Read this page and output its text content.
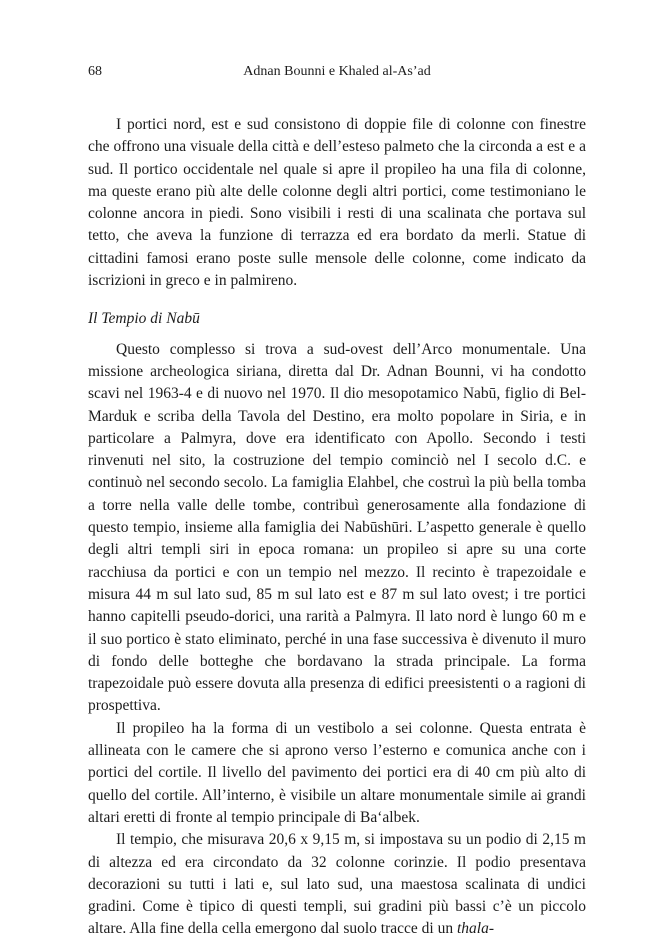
68	Adnan Bounni e Khaled al-As’ad

I portici nord, est e sud consistono di doppie file di colonne con finestre che offrono una visuale della città e dell’esteso palmeto che la circonda a est e a sud. Il portico occidentale nel quale si apre il propileo ha una fila di colonne, ma queste erano più alte delle colonne degli altri portici, come testimoniano le colonne ancora in piedi. Sono visibili i resti di una scalinata che portava sul tetto, che aveva la funzione di terrazza ed era bordato da merli. Statue di cittadini famosi erano poste sulle mensole delle colonne, come indicato da iscrizioni in greco e in palmireno.

Il Tempio di Nabū

Questo complesso si trova a sud-ovest dell’Arco monumentale. Una missione archeologica siriana, diretta dal Dr. Adnan Bounni, vi ha condotto scavi nel 1963-4 e di nuovo nel 1970. Il dio mesopotamico Nabū, figlio di Bel-Marduk e scriba della Tavola del Destino, era molto popolare in Siria, e in particolare a Palmyra, dove era identificato con Apollo. Secondo i testi rinvenuti nel sito, la costruzione del tempio cominciò nel I secolo d.C. e continuò nel secondo secolo. La famiglia Elahbel, che costruì la più bella tomba a torre nella valle delle tombe, contribuì generosamente alla fondazione di questo tempio, insieme alla famiglia dei Nabūshūri. L’aspetto generale è quello degli altri templi siri in epoca romana: un propileo si apre su una corte racchiusa da portici e con un tempio nel mezzo. Il recinto è trapezoidale e misura 44 m sul lato sud, 85 m sul lato est e 87 m sul lato ovest; i tre portici hanno capitelli pseudo-dorici, una rarità a Palmyra. Il lato nord è lungo 60 m e il suo portico è stato eliminato, perché in una fase successiva è divenuto il muro di fondo delle botteghe che bordavano la strada principale. La forma trapezoidale può essere dovuta alla presenza di edifici preesistenti o a ragioni di prospettiva.

Il propileo ha la forma di un vestibolo a sei colonne. Questa entrata è allineata con le camere che si aprono verso l’esterno e comunica anche con i portici del cortile. Il livello del pavimento dei portici era di 40 cm più alto di quello del cortile. All’interno, è visibile un altare monumentale simile ai grandi altari eretti di fronte al tempio principale di Ba‘albek.

Il tempio, che misurava 20,6 x 9,15 m, si impostava su un podio di 2,15 m di altezza ed era circondato da 32 colonne corinzie. Il podio presentava decorazioni su tutti i lati e, sul lato sud, una maestosa scalinata di undici gradini. Come è tipico di questi templi, sui gradini più bassi c’è un piccolo altare. Alla fine della cella emergono dal suolo tracce di un thala-
